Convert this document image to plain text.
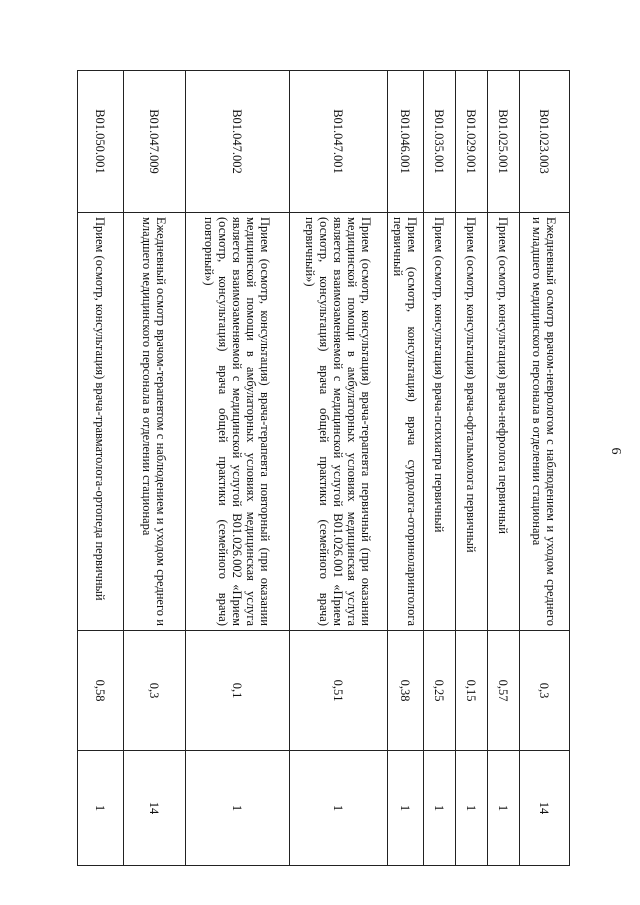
6
B01.023.003	Ежедневный осмотр врачом-неврологом с наблюдением и уходом среднего и младшего медицинского персонала в отделении стационара	0,3	14
B01.025.001	Прием (осмотр, консультация) врача-нефролога первичный	0,57	1
B01.029.001	Прием (осмотр, консультация) врача-офтальмолога первичный	0,15	1
B01.035.001	Прием (осмотр, консультация) врача-психиатра первичный	0,25	1
B01.046.001	Прием (осмотр, консультация) врача сурдолога-оториноларинголога первичный	0,38	1
B01.047.001	Прием (осмотр, консультация) врача-терапевта первичный (при оказании медицинской помощи в амбулаторных условиях медицинская услуга является взаимозаменяемой с медицинской услугой B01.026.001 «Прием (осмотр, консультация) врача общей практики (семейного врача) первичный»)	0,51	1
B01.047.002	Прием (осмотр, консультация) врача-терапевта повторный (при оказании медицинской помощи в амбулаторных условиях медицинская услуга является взаимозаменяемой с медицинской услугой B01.026.002 «Прием (осмотр, консультация) врача общей практики (семейного врача) повторный»)	0,1	1
B01.047.009	Ежедневный осмотр врачом-терапевтом с наблюдением и уходом среднего и младшего медицинского персонала в отделении стационара	0,3	14
B01.050.001	Прием (осмотр, консультация) врача-травматолога-ортопеда первичный	0,58	1
